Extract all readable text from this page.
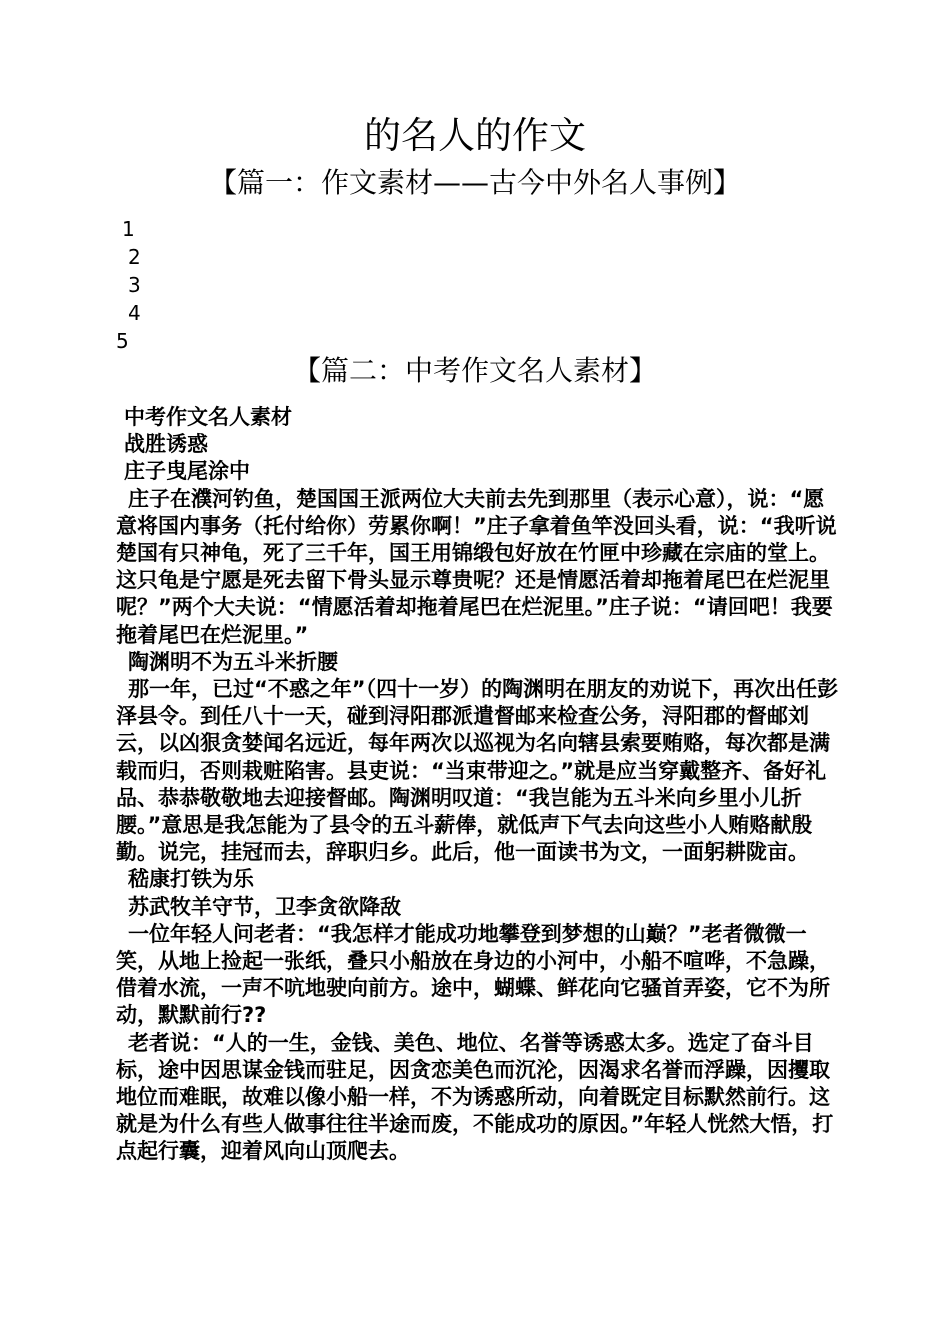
的名人的作文
【篇一：作文素材——古今中外名人事例】
1
2
3
4
5
【篇二：中考作文名人素材】

中考作文名人素材

战胜诱惑

庄子曳尾涂中

庄子在濮河钓鱼，楚国国王派两位大夫前去先到那里（表示心意），说：“愿意将国内事务（托付给你）劳累你啊！”庄子拿着鱼竿没回头看，说：“我听说楚国有只神龟，死了三千年，国王用锦缎包好放在竹匣中珍藏在宗庙的堂上。这只龟是宁愿是死去留下骨头显示尊贵呢？还是情愿活着却拖着尾巴在烂泥里呢？”两个大夫说：“情愿活着却拖着尾巴在烂泥里。”庄子说：“请回吧！我要拖着尾巴在烂泥里。”

陶渊明不为五斗米折腰

那一年，已过“不惑之年”（四十一岁）的陶渊明在朋友的劝说下，再次出任彭泽县令。到任八十一天，碰到浔阳郡派遣督邮来检查公务，浔阳郡的督邮刘云，以凶狠贪婪闻名远近，每年两次以巡视为名向辖县索要贿赂，每次都是满载而归，否则栽赃陷害。县吏说：“当束带迎之。”就是应当穿戴整齐、备好礼品、恭恭敬敬地去迎接督邮。陶渊明叹道：“我岂能为五斗米向乡里小儿折腰。”意思是我怎能为了县令的五斗薪俸，就低声下气去向这些小人贿赂献殷勤。说完，挂冠而去，辞职归乡。此后，他一面读书为文，一面躬耕陇亩。

嵇康打铁为乐

苏武牧羊守节，卫李贪欲降敌

一位年轻人问老者：“我怎样才能成功地攀登到梦想的山巅？”老者微微一笑，从地上捡起一张纸，叠只小船放在身边的小河中，小船不喧哗，不急躁，借着水流，一声不吭地驶向前方。途中，蝴蝶、鲜花向它骚首弄姿，它不为所动，默默前行??

老者说：“人的一生，金钱、美色、地位、名誉等诱惑太多。选定了奋斗目标，途中因思谋金钱而驻足，因贪恋美色而沉沦，因渴求名誉而浮躁，因攫取地位而难眠，故难以像小船一样，不为诱惑所动，向着既定目标默然前行。这就是为什么有些人做事往往半途而废，不能成功的原因。”年轻人恍然大悟，打点起行囊，迎着风向山顶爬去。
